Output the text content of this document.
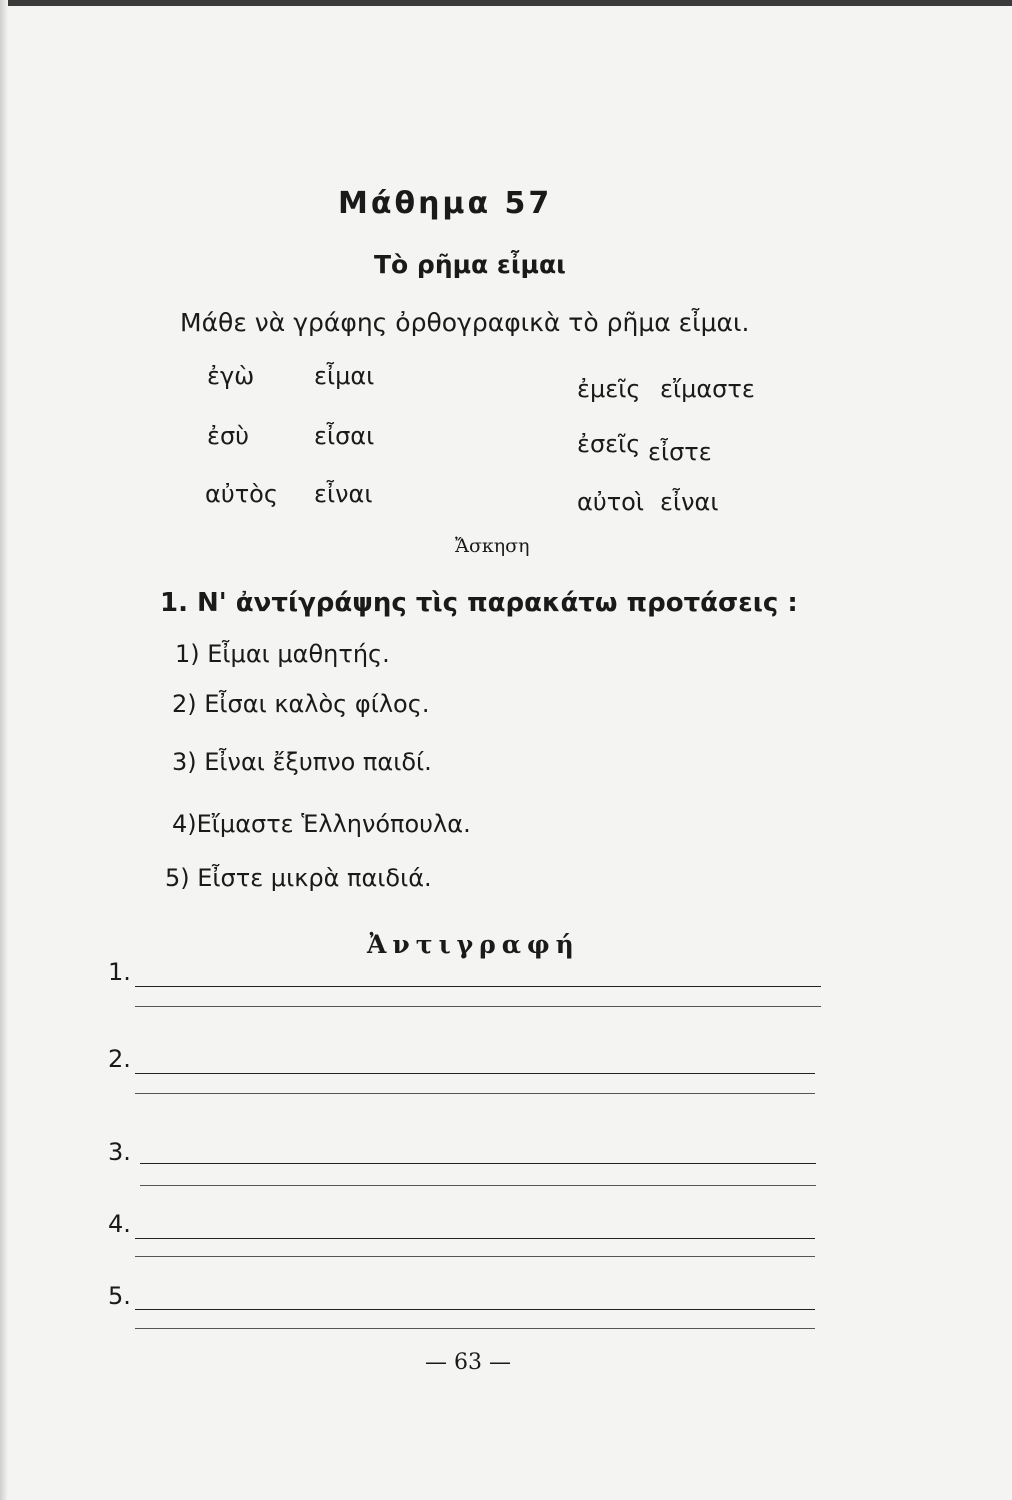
Μάθημα 57
Τὸ ρῆμα εἶμαι
Μάθε νὰ γράφης ὀρθογραφικὰ τὸ ρῆμα εἶμαι.
ἐγὼ εἶμαι
ἐσὺ	εἶσαι
αὐτὸς εἶναι
ἐμεῖς εἴμαστε
ἐσεῖς εἶστε
αὐτοὶ εἶναι
Ἄσκηση
1. Ν' ἀντίγράψης τὶς παρακάτω προτάσεις :
1) Εἶμαι μαθητής.
2) Εἶσαι καλὸς φίλος.
3) Εἶναι ἔξυπνο παιδί.
4)Εἴμαστε Ἑλληνόπουλα.
5) Εἶστε μικρὰ παιδιά.
Ἀντιγραφή
1.
2.
3.
4.
5.
— 63 —
